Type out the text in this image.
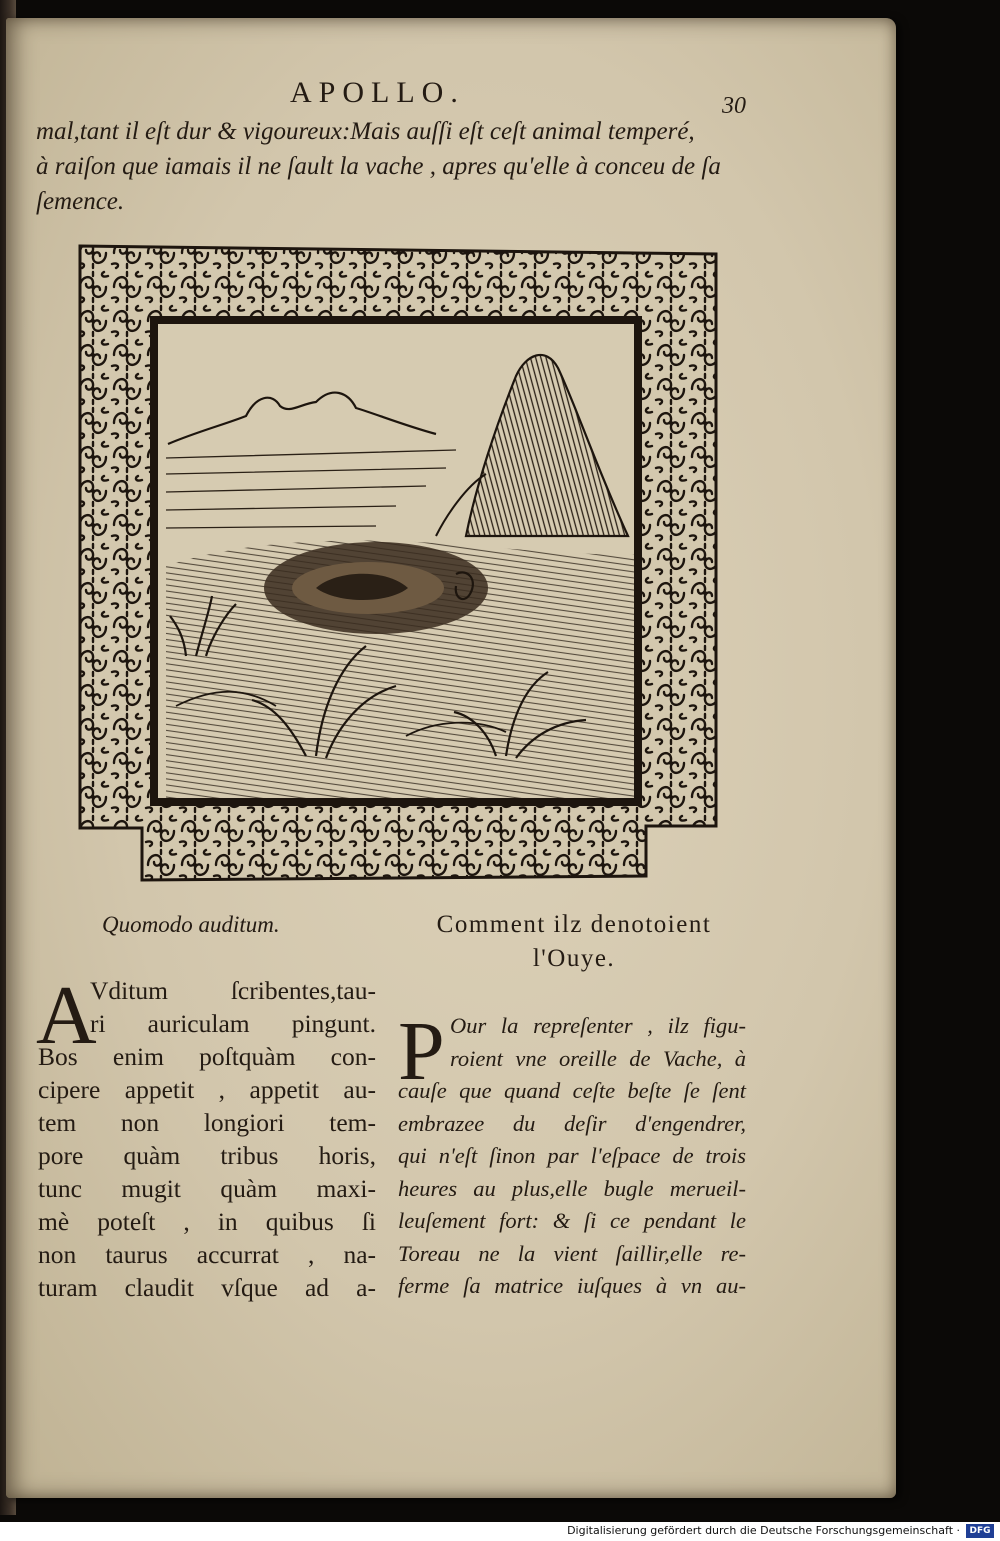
APOLLO.	30
mal,tant il eſt dur & vigoureux:Mais auſſi eſt ceſt animal temperé,
à raiſon que iamais il ne ſault la vache , apres qu'elle à conceu de ſa
ſemence.
Quomodo auditum.	Comment ilz denotoient
l'Ouye.
A
Vditum ſcribentes,tau-
ri auriculam pingunt.
Bos enim poſtquàm con-
cipere appetit , appetit au-
tem non longiori tem-
pore quàm tribus horis,
tunc mugit quàm maxi-
mè poteſt , in quibus ſi
non taurus accurrat , na-
turam claudit vſque ad a-
P Our la repreſenter , ilz figu-
roient vne oreille de Vache, à
cauſe que quand ceſte beſte ſe ſent
embrazee du deſir d'engendrer,
qui n'eſt ſinon par l'eſpace de trois
heures au plus,elle bugle merueil-
leuſement fort: & ſi ce pendant le
Toreau ne la vient ſaillir,elle re-
ferme ſa matrice iuſques à vn au-
Digitalisierung gefördert durch die Deutsche Forschungsgemeinschaft ·	DFG
